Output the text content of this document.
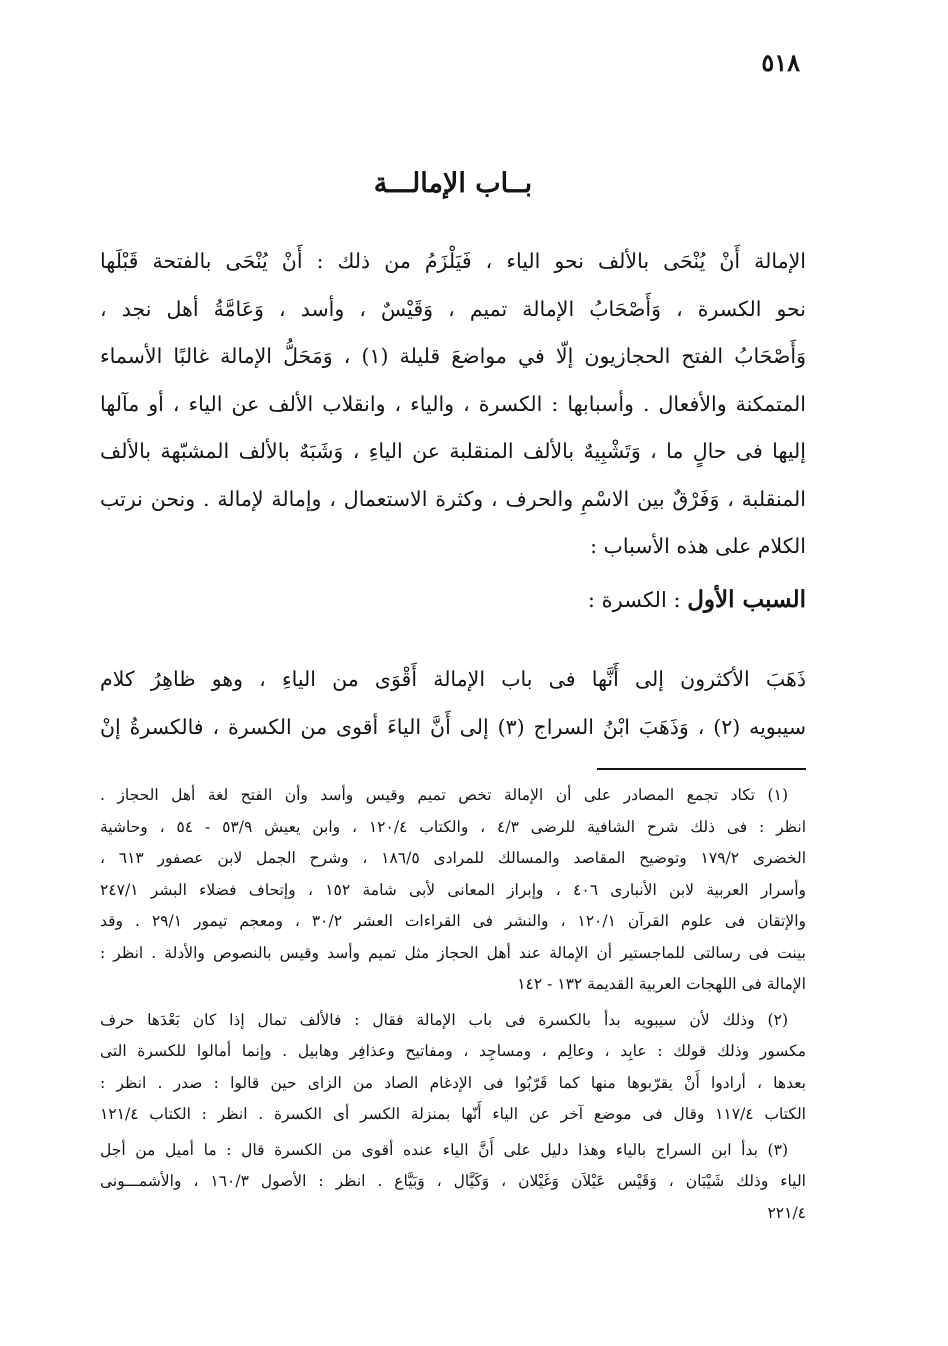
٥١٨
بــاب الإمالـــة
الإمالة أَنْ يُنْحَى بالألف نحو الياء ، فَيَلْزَمُ من ذلك : أَنْ يُنْحَى بالفتحة قَبْلَها
نحو الكسرة ، وَأَصْحَابُ الإمالة تميم ، وَقَيْسٌ ، وأسد ، وَعَامَّةُ أهل نجد ،
وَأَصْحَابُ الفتح الحجازيون إلّا في مواضعَ قليلة (١) ، وَمَحَلُّ الإمالة غالبًا الأسماء
المتمكنة والأفعال . وأسبابها : الكسرة ، والياء ، وانقلاب الألف عن الياء ، أو مآلها
إليها فى حالٍ ما ، وَتَشْبِيهٌ بالألف المنقلبة عن الياءِ ، وَشَبَهٌ بالألف المشبّهة بالألف
المنقلبة ، وَفَرْقٌ بين الاسْمِ والحرف ، وكثرة الاستعمال ، وإمالة لإمالة . ونحن نرتب
الكلام على هذه الأسباب :
السبب الأول : الكسرة :
ذَهَبَ الأكثرون إلى أَنَّها فى باب الإمالة أَقْوَى من الياءِ ، وهو ظاهِرُ كلام
سيبويه (٢) ، وَذَهَبَ ابْنُ السراج (٣) إلى أَنَّ الياءَ أقوى من الكسرة ، فالكسرةُ إنْ
(١) تكاد تجمع المصادر على أن الإمالة تخص تميم وقيس وأسد وأن الفتح لغة أهل الحجاز .
انظر : فى ذلك شرح الشافية للرضى ٤/٣ ، والكتاب ١٢٠/٤ ، وابن يعيش ٥٣/٩ - ٥٤ ، وحاشية
الخضرى ١٧٩/٢ وتوضيح المقاصد والمسالك للمرادى ١٨٦/٥ ، وشرح الجمل لابن عصفور ٦١٣ ،
وأسرار العربية لابن الأنبارى ٤٠٦ ، وإبراز المعانى لأبى شامة ١٥٢ ، وإتحاف فضلاء البشر ٢٤٧/١
والإتقان فى علوم القرآن ١٢٠/١ ، والنشر فى القراءات العشر ٣٠/٢ ، ومعجم تيمور ٢٩/١ . وقد
بينت فى رسالتى للماجستير أن الإمالة عند أهل الحجاز مثل تميم وأسد وقيس بالنصوص والأدلة . انظر :
الإمالة فى اللهجات العربية القديمة ١٣٢ - ١٤٢
(٢) وذلك لأن سيبويه بدأ بالكسرة فى باب الإمالة فقال : فالألف تمال إذا كان بَعْدَها حرف
مكسور وذلك قولك : عابِد ، وعالِم ، ومساجِد ، ومفاتيح وعذافِر وهابيل . وإنما أمالوا للكسرة التى
بعدها ، أرادوا أَنْ يقرّبوها منها كما قَرّبُوا فى الإدغام الصاد من الزاى حين قالوا : صدر . انظر :
الكتاب ١١٧/٤ وقال فى موضع آخر عن الياء أَنّها بمنزلة الكسر أى الكسرة . انظر : الكتاب ١٢١/٤
(٣) بدأ ابن السراج بالياء وهذا دليل على أَنَّ الياء عنده أقوى من الكسرة قال : ما أميل من أجل
الياء وذلك شَيْبَان ، وَقَيْس عَيْلاَن وَغَيْلان ، وَكَيَّال ، وَبَيَّاع . انظر : الأصول ١٦٠/٣ ، والأشمـــونى
٢٢١/٤
